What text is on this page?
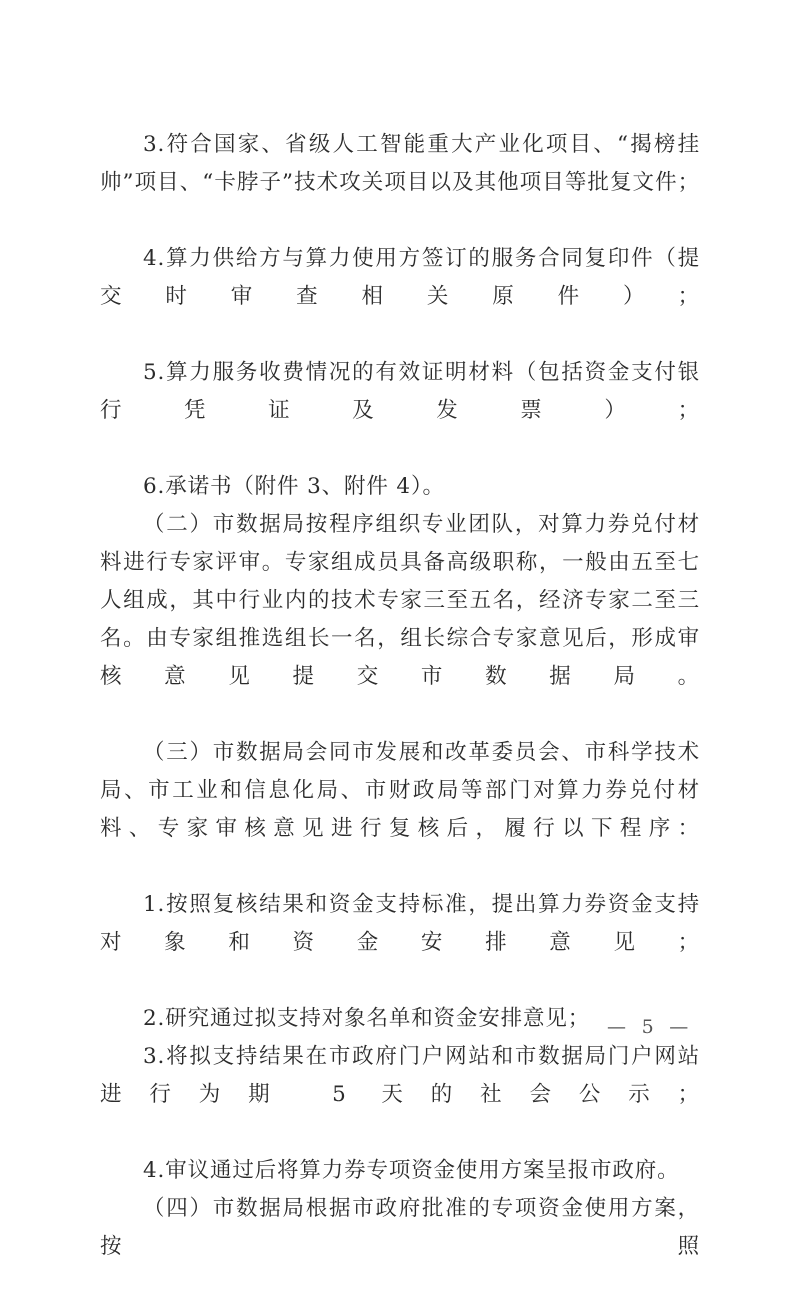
3.符合国家、省级人工智能重大产业化项目、“揭榜挂帅”项目、“卡脖子”技术攻关项目以及其他项目等批复文件；

4.算力供给方与算力使用方签订的服务合同复印件（提交时审查相关原件）；

5.算力服务收费情况的有效证明材料（包括资金支付银行凭证及发票）；

6.承诺书（附件 3、附件 4）。

（二）市数据局按程序组织专业团队，对算力券兑付材料进行专家评审。专家组成员具备高级职称，一般由五至七人组成，其中行业内的技术专家三至五名，经济专家二至三名。由专家组推选组长一名，组长综合专家意见后，形成审核意见提交市数据局。

（三）市数据局会同市发展和改革委员会、市科学技术局、市工业和信息化局、市财政局等部门对算力券兑付材料、专家审核意见进行复核后，履行以下程序：

1.按照复核结果和资金支持标准，提出算力券资金支持对象和资金安排意见；

2.研究通过拟支持对象名单和资金安排意见；

3.将拟支持结果在市政府门户网站和市数据局门户网站进行为期 5 天的社会公示；

4.审议通过后将算力券专项资金使用方案呈报市政府。

（四）市数据局根据市政府批准的专项资金使用方案，按照

— 5 —
